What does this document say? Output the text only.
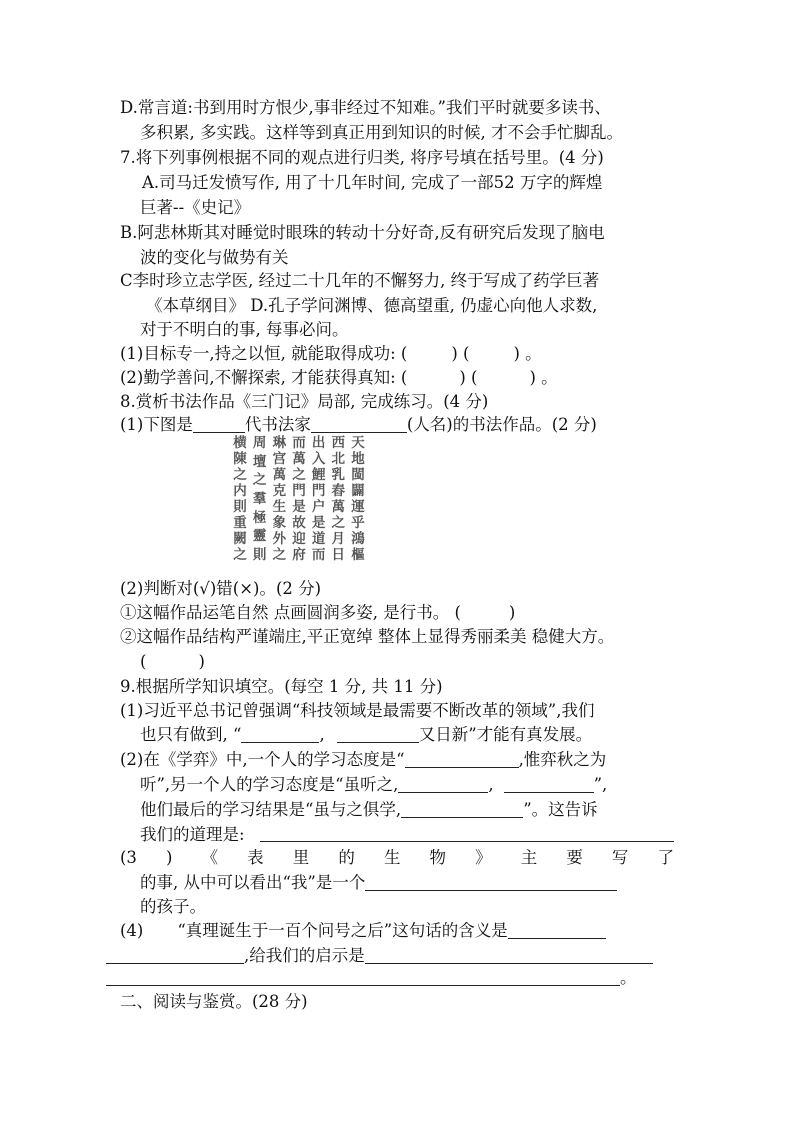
D.常言道:书到用时方恨少,事非经过不知难。”我们平时就要多读书、
多积累, 多实践。这样等到真正用到知识的时候, 才不会手忙脚乱。
7.将下列事例根据不同的观点进行归类, 将序号填在括号里。(4 分)
A.司马迁发愤写作, 用了十几年时间, 完成了一部52 万字的辉煌
巨著--《史记》
B.阿悲林斯其对睡觉时眼珠的转动十分好奇,反有研究后发现了脑电
波的变化与做势有关
C李时珍立志学医, 经过二十几年的不懈努力, 终于写成了药学巨著
《本草纲目》 D.孔子学问渊博、德高望重, 仍虚心向他人求数,
对于不明白的事, 每事必问。
(1)目标专一,持之以恒, 就能取得成功: (	) (	) 。
(2)勤学善问,不懈探索, 才能获得真知: (	) (	) 。
8.赏析书法作品《三门记》局部, 完成练习。(4 分)
(1)下图是	代书法家	(人名)的书法作品。(2 分)
天
地
閩
闢
運
乎
鴻
樞
西
北
乳
舂
萬
之
月
日
出
入
鯉
門
户
是
道
而
而
萬
之
門
是
故
迎
府
琳
宫
萬
克
生
象
外
之
周
壇
之
羣
極
靈
則
横
陳
之
内
則
重
闕
之
(2)判断对(√)错(×)。(2 分)
①这幅作品运笔自然 点画圆润多姿, 是行书。 (	)
②这幅作品结构严谨端庄,平正宽绰 整体上显得秀丽柔美 稳健大方。
(	)
9.根据所学知识填空。(每空 1 分, 共 11 分)
(1)习近平总书记曾强调“科技领域是最需要不断改革的领域”,我们
也只有做到, “	,	又日新”才能有真发展。
(2)在《学弈》中,一个人的学习态度是“	,惟弈秋之为
听”,另一个人的学习态度是“虽听之,	,	”,
他们最后的学习结果是“虽与之俱学,	”。这告诉
我们的道理是:
(3 ) 《 表 里 的 生 物 》 主 要 写 了
的事, 从中可以看出“我”是一个
的孩子。
(4) “真理诞生于一百个问号之后”这句话的含义是
,给我们的启示是
。
二、阅读与鉴赏。(28 分)
